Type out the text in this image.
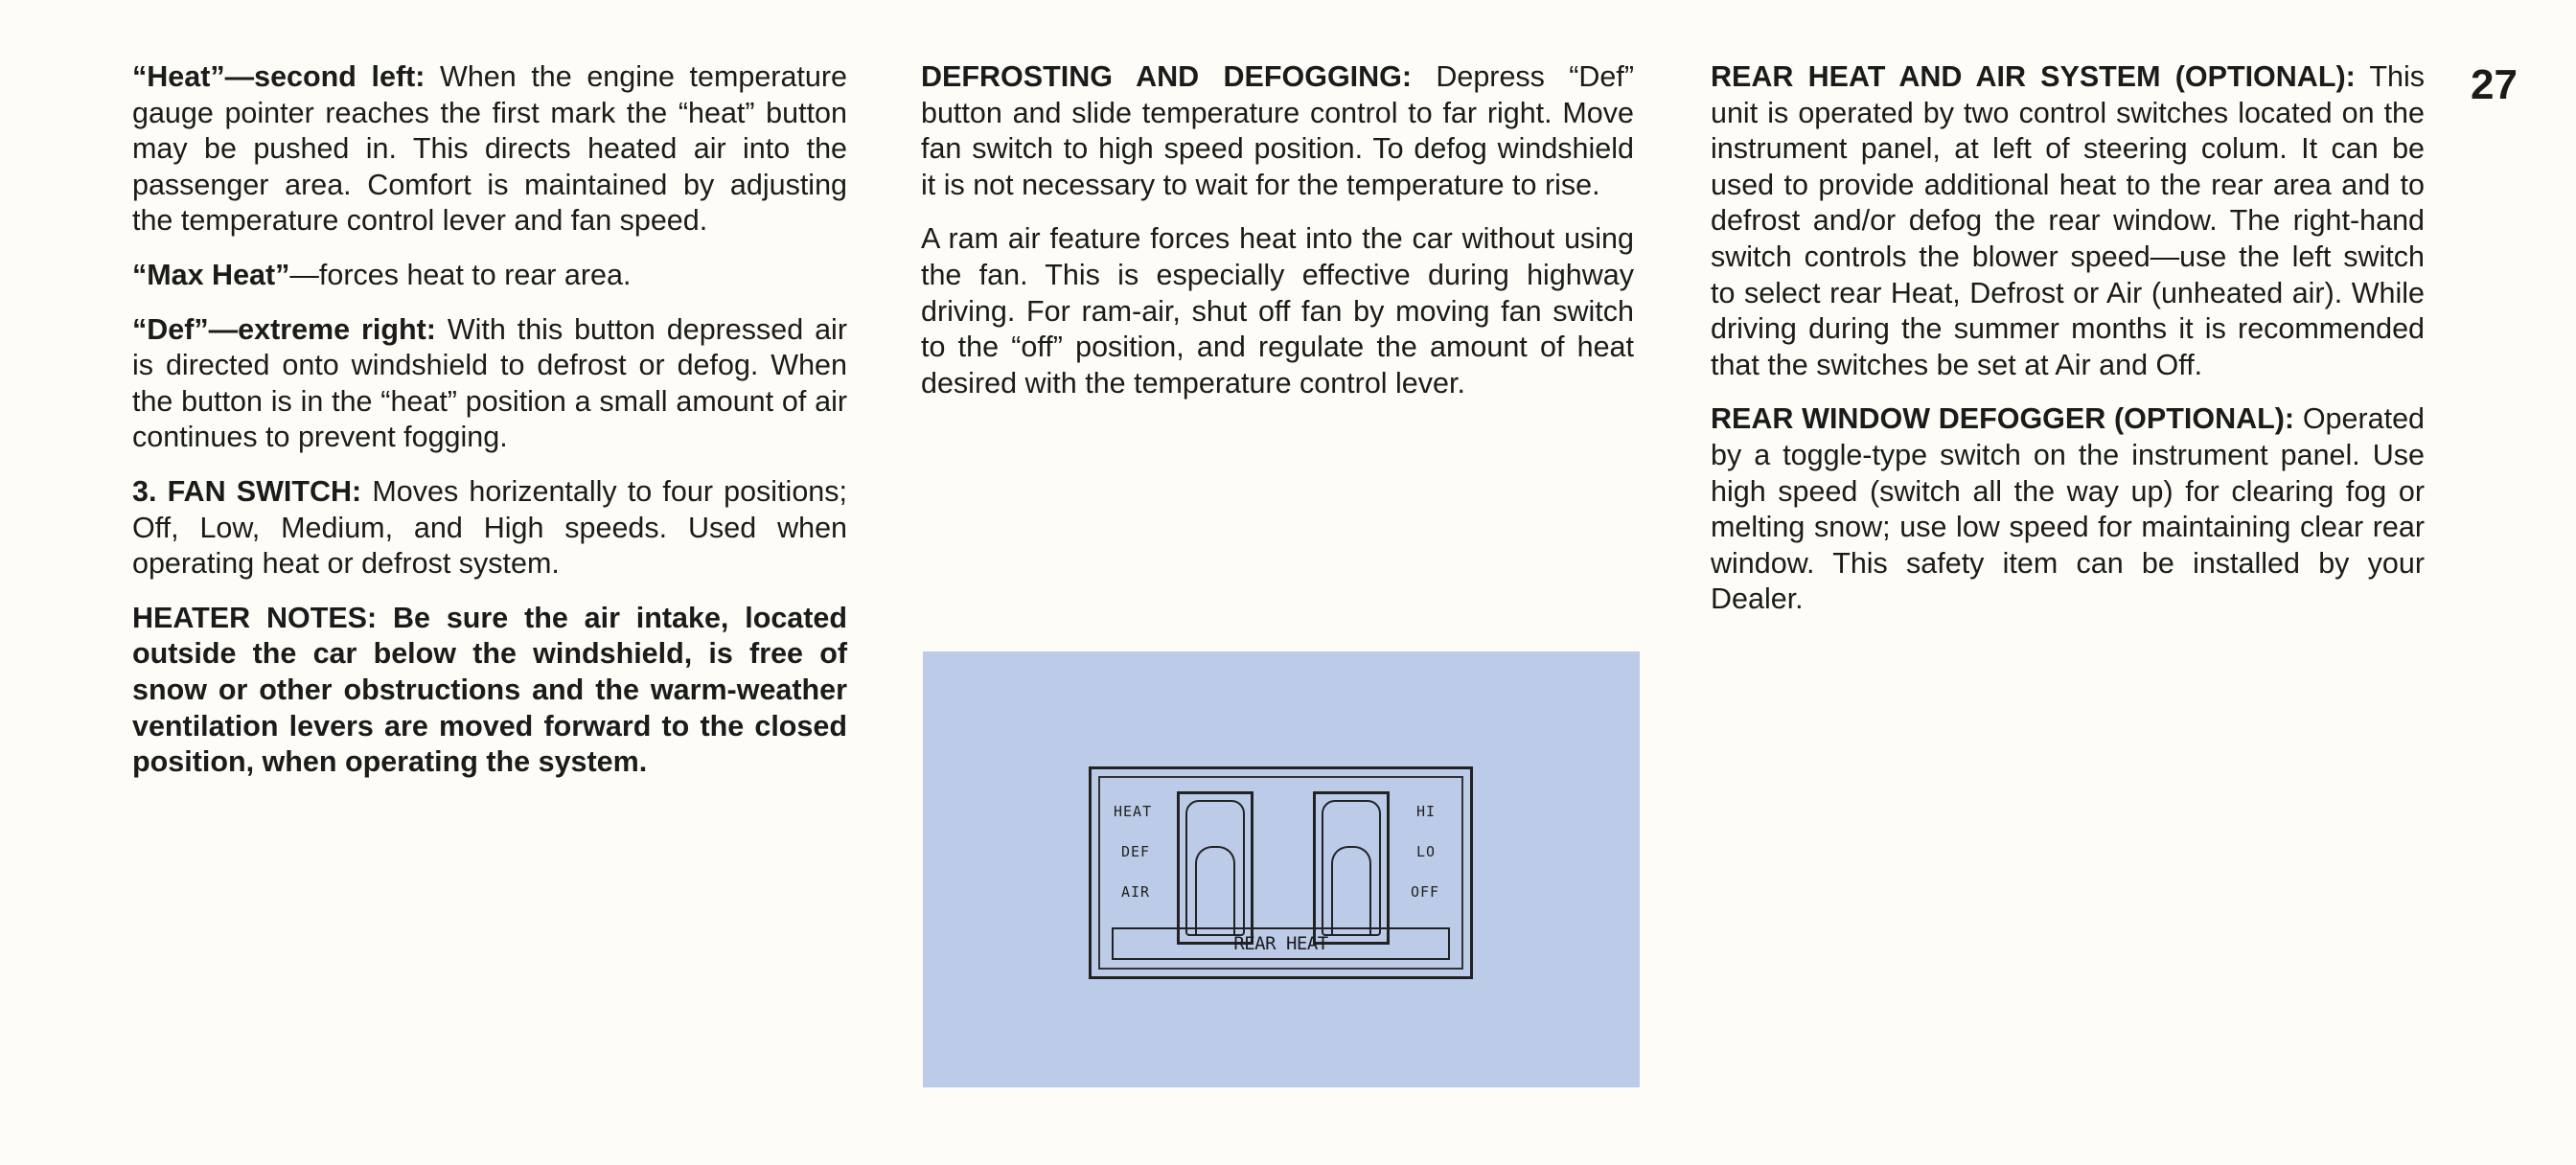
“Heat”—second left: When the engine temperature gauge pointer reaches the first mark the “heat” button may be pushed in. This directs heated air into the passenger area. Comfort is maintained by adjusting the temperature control lever and fan speed.

“Max Heat”—forces heat to rear area.

“Def”—extreme right: With this button depressed air is directed onto windshield to defrost or defog. When the button is in the “heat” position a small amount of air continues to prevent fogging.

3. FAN SWITCH: Moves horizentally to four positions; Off, Low, Medium, and High speeds. Used when operating heat or defrost system.

HEATER NOTES: Be sure the air intake, located outside the car below the windshield, is free of snow or other obstructions and the warm-weather ventilation levers are moved forward to the closed position, when operating the system.

DEFROSTING AND DEFOGGING: Depress “Def” button and slide temperature control to far right. Move fan switch to high speed position. To defog windshield it is not necessary to wait for the temperature to rise.

A ram air feature forces heat into the car without using the fan. This is especially effective during highway driving. For ram-air, shut off fan by moving fan switch to the “off” position, and regulate the amount of heat desired with the temperature control lever.

REAR HEAT AND AIR SYSTEM (OPTIONAL): This unit is operated by two control switches located on the instrument panel, at left of steering colum. It can be used to provide additional heat to the rear area and to defrost and/or defog the rear window. The right-hand switch controls the blower speed—use the left switch to select rear Heat, Defrost or Air (unheated air). While driving during the summer months it is recommended that the switches be set at Air and Off.

REAR WINDOW DEFOGGER (OPTIONAL): Operated by a toggle-type switch on the instrument panel. Use high speed (switch all the way up) for clearing fog or melting snow; use low speed for maintaining clear rear window. This safety item can be installed by your Dealer.

27
HEAT
DEF
AIR
HI
LO
OFF
REAR HEAT
